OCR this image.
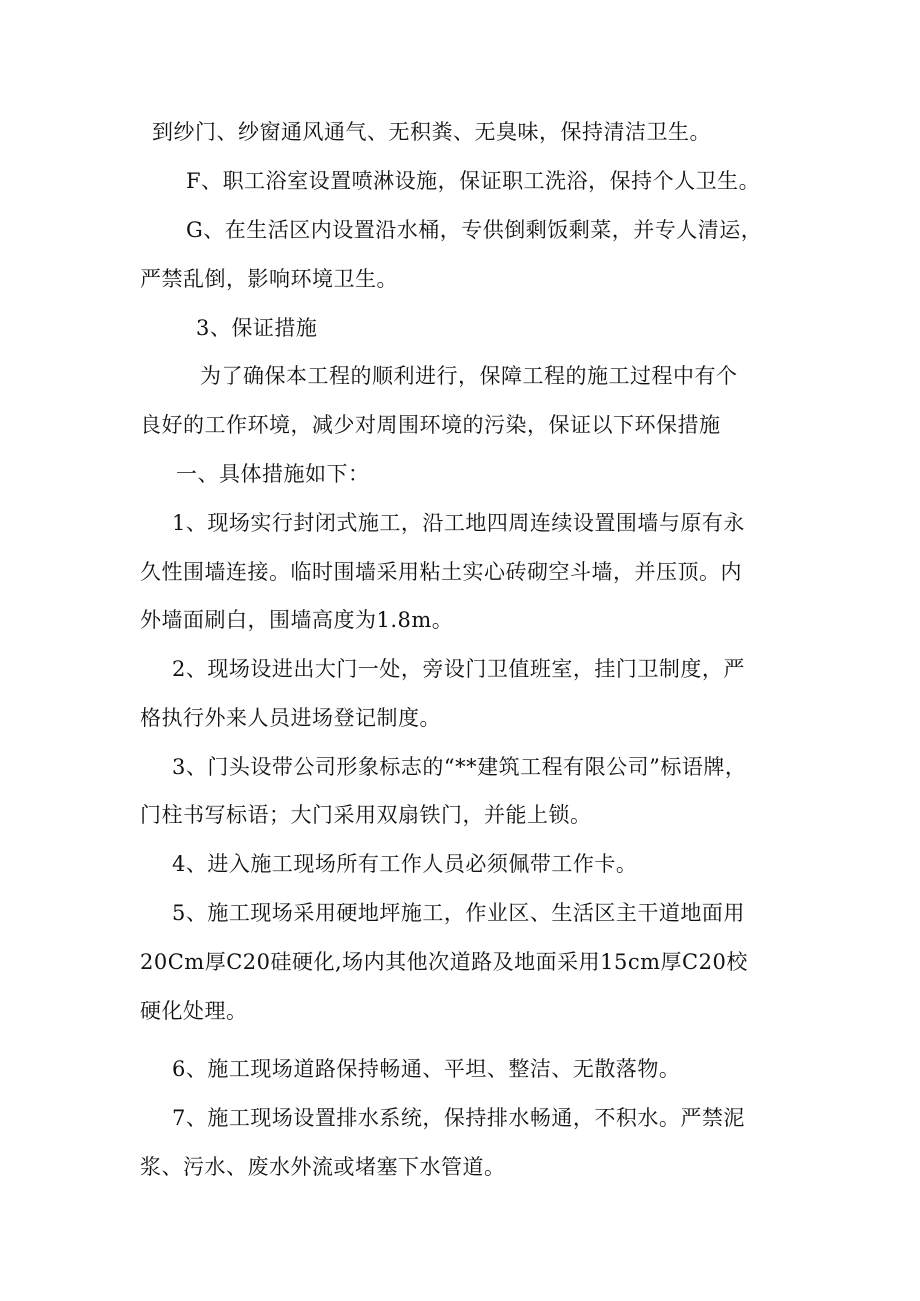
到纱门、纱窗通风通气、无积粪、无臭味，保持清洁卫生。
F、职工浴室设置喷淋设施，保证职工洗浴，保持个人卫生。
G、在生活区内设置沿水桶，专供倒剩饭剩菜，并专人清运，
严禁乱倒，影响环境卫生。
3、保证措施
为了确保本工程的顺利进行，保障工程的施工过程中有个
良好的工作环境，减少对周围环境的污染，保证以下环保措施
一、具体措施如下：
1、现场实行封闭式施工，沿工地四周连续设置围墙与原有永
久性围墙连接。临时围墙采用粘土实心砖砌空斗墙，并压顶。内
外墙面刷白，围墙高度为1.8m。
2、现场设进出大门一处，旁设门卫值班室，挂门卫制度，严
格执行外来人员进场登记制度。
3、门头设带公司形象标志的“**建筑工程有限公司”标语牌，
门柱书写标语；大门采用双扇铁门，并能上锁。
4、进入施工现场所有工作人员必须佩带工作卡。
5、施工现场采用硬地坪施工，作业区、生活区主干道地面用
20Cm厚C20硅硬化,场内其他次道路及地面采用15cm厚C20校
硬化处理。
6、施工现场道路保持畅通、平坦、整洁、无散落物。
7、施工现场设置排水系统，保持排水畅通，不积水。严禁泥
浆、污水、废水外流或堵塞下水管道。
